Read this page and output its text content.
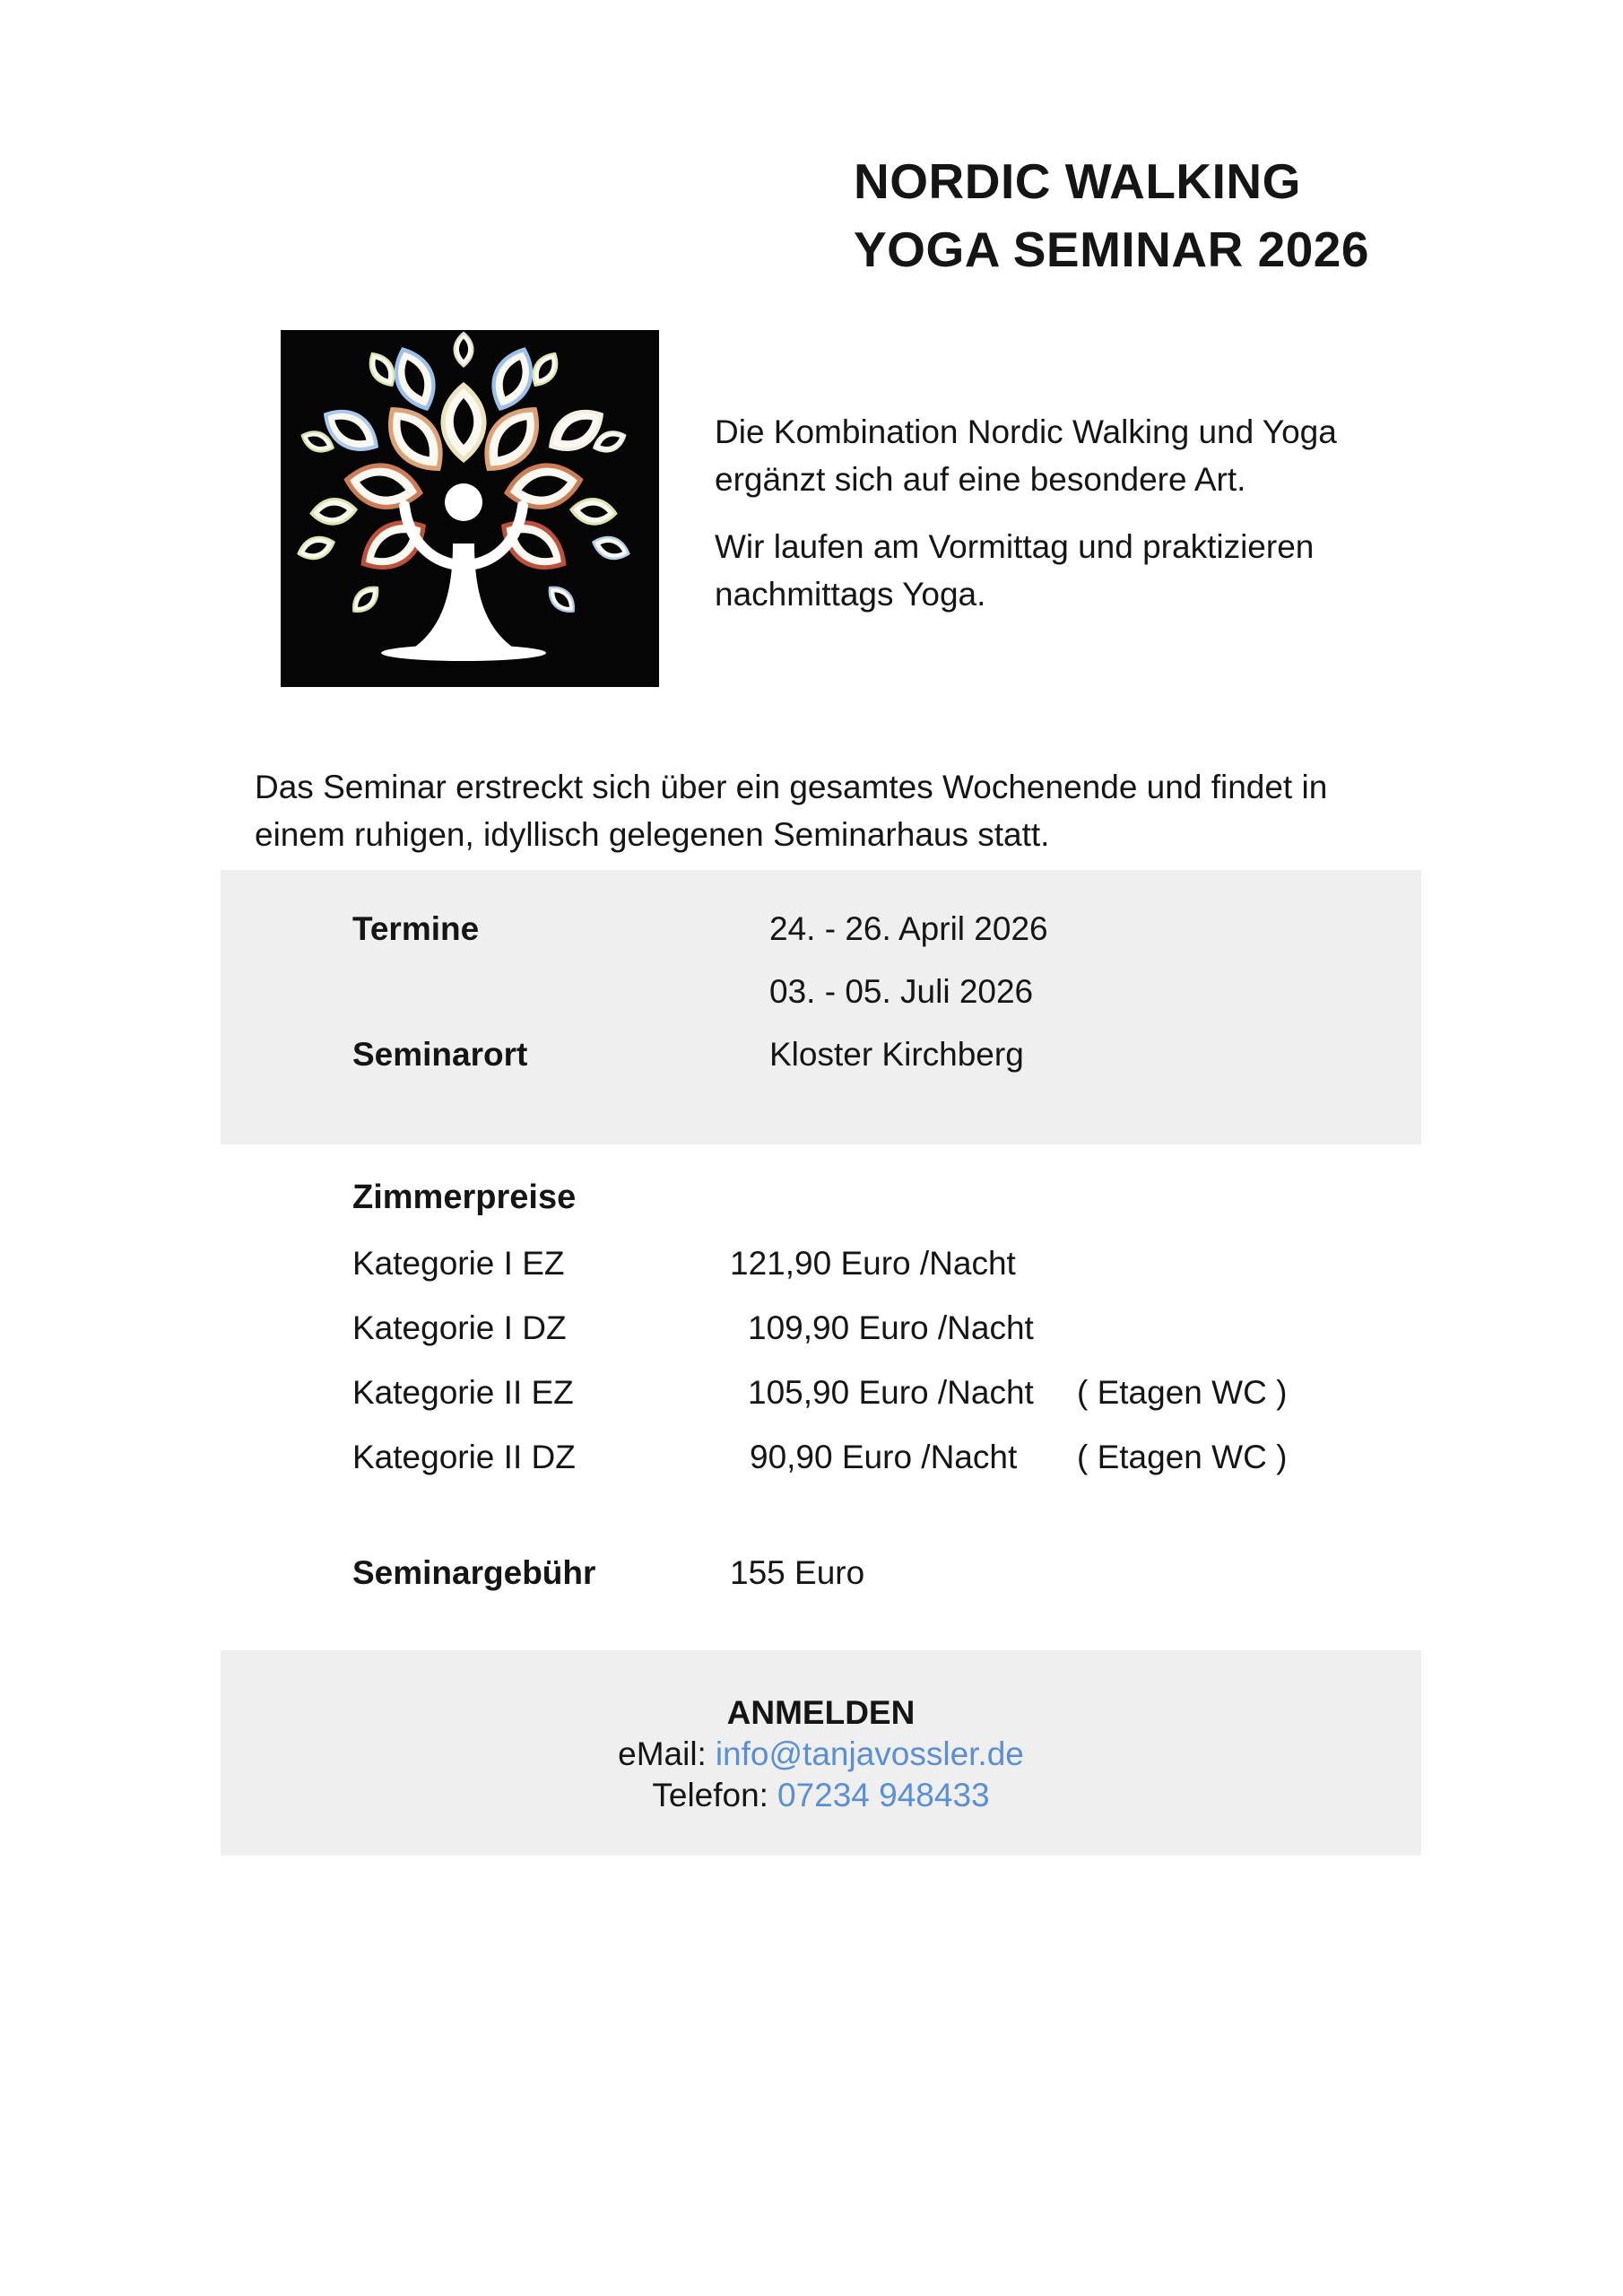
NORDIC WALKING
YOGA SEMINAR 2026

Die Kombination Nordic Walking und Yoga ergänzt sich auf eine besondere Art.

Wir laufen am Vormittag und praktizieren nachmittags Yoga.

Das Seminar erstreckt sich über ein gesamtes Wochenende und findet in einem ruhigen, idyllisch gelegenen Seminarhaus statt.

Termine	24. - 26. April 2026
03. - 05. Juli 2026
Seminarort	Kloster Kirchberg
Zimmerpreise
Kategorie I EZ	121,90 Euro /Nacht
Kategorie I DZ	109,90 Euro /Nacht
Kategorie II EZ	105,90 Euro /Nacht ( Etagen WC )
Kategorie II DZ	90,90 Euro /Nacht ( Etagen WC )
Seminargebühr	155 Euro
ANMELDEN
eMail: info@tanjavossler.de
Telefon: 07234 948433
